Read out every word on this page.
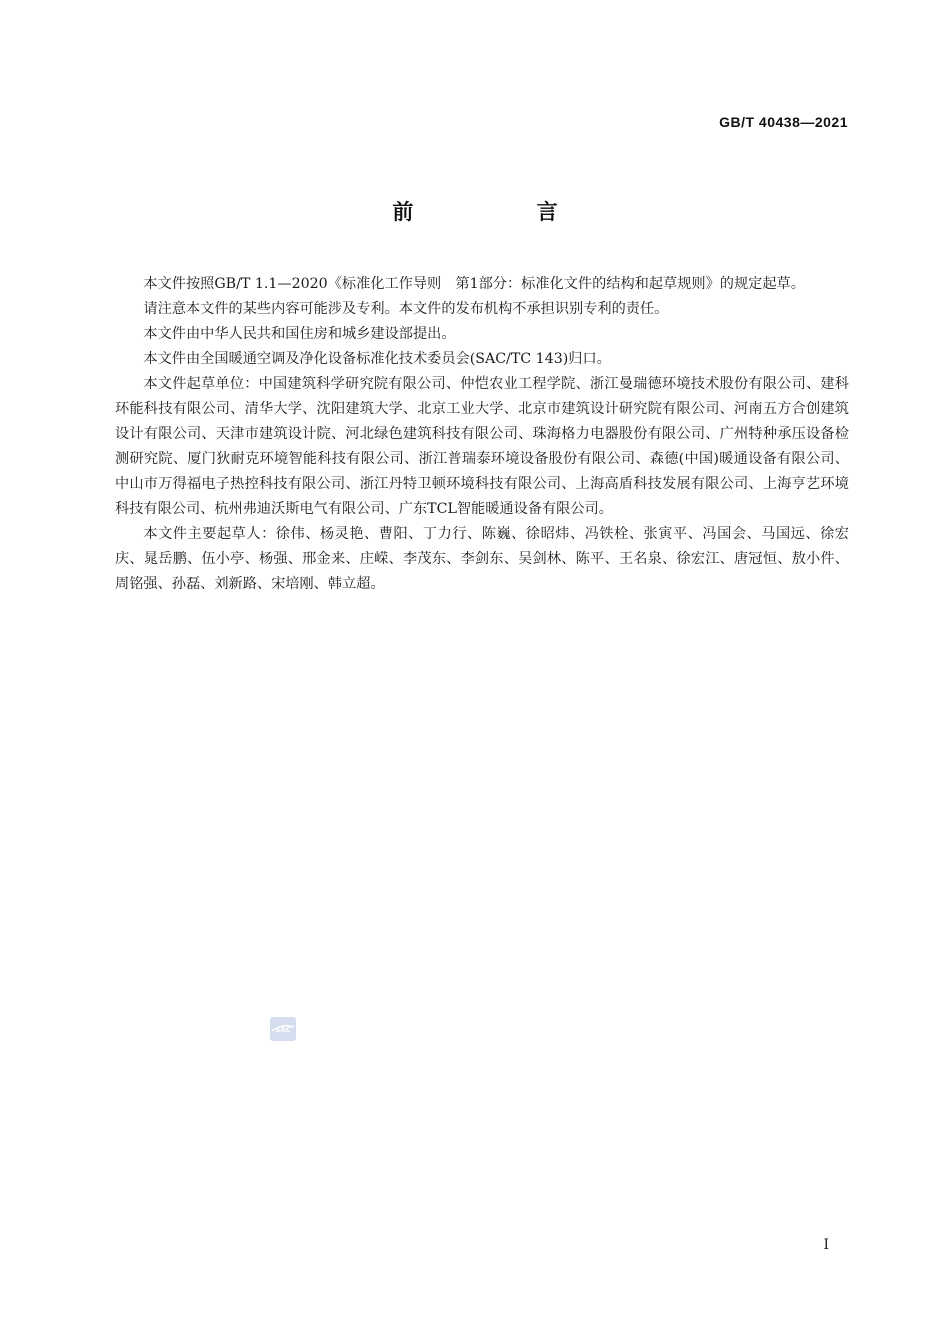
GB/T 40438—2021
前 言

本文件按照GB/T 1.1—2020《标准化工作导则　第1部分：标准化文件的结构和起草规则》的规定起草。

请注意本文件的某些内容可能涉及专利。本文件的发布机构不承担识别专利的责任。

本文件由中华人民共和国住房和城乡建设部提出。

本文件由全国暖通空调及净化设备标准化技术委员会(SAC/TC 143)归口。

本文件起草单位：中国建筑科学研究院有限公司、仲恺农业工程学院、浙江曼瑞德环境技术股份有限公司、建科环能科技有限公司、清华大学、沈阳建筑大学、北京工业大学、北京市建筑设计研究院有限公司、河南五方合创建筑设计有限公司、天津市建筑设计院、河北绿色建筑科技有限公司、珠海格力电器股份有限公司、广州特种承压设备检测研究院、厦门狄耐克环境智能科技有限公司、浙江普瑞泰环境设备股份有限公司、森德(中国)暖通设备有限公司、中山市万得福电子热控科技有限公司、浙江丹特卫顿环境科技有限公司、上海高盾科技发展有限公司、上海亨艺环境科技有限公司、杭州弗迪沃斯电气有限公司、广东TCL智能暖通设备有限公司。

本文件主要起草人：徐伟、杨灵艳、曹阳、丁力行、陈巍、徐昭炜、冯铁栓、张寅平、冯国会、马国远、徐宏庆、晁岳鹏、伍小亭、杨强、邢金来、庄嵘、李茂东、李剑东、吴剑林、陈平、王名泉、徐宏江、唐冠恒、敖小件、周铭强、孙磊、刘新路、宋培刚、韩立超。

SAC
I
